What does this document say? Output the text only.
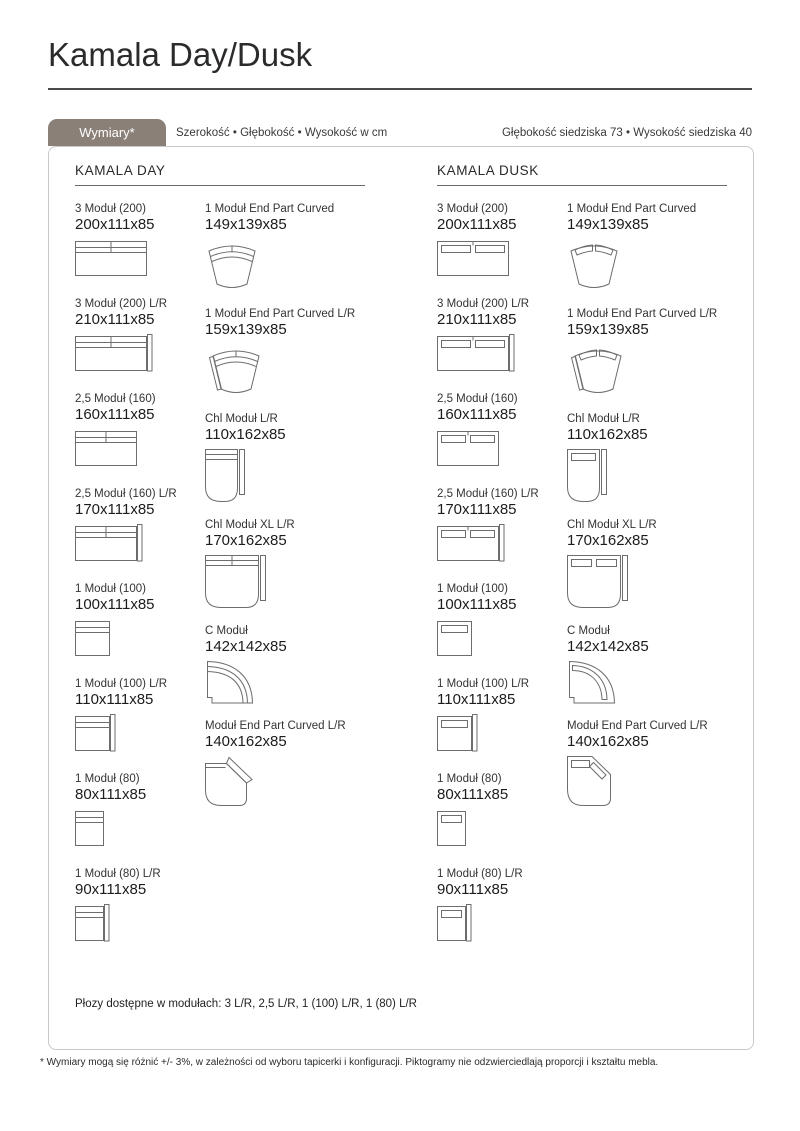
Kamala Day/Dusk
Wymiary*	Szerokość • Głębokość • Wysokość w cm	Głębokość siedziska 73 • Wysokość siedziska 40
Płozy dostępne w modułach: 3 L/R, 2,5 L/R, 1 (100) L/R, 1 (80) L/R
KAMALA DAY
3 Moduł (200)
200x111x85
3 Moduł (200) L/R
210x111x85
2,5 Moduł (160)
160x111x85
2,5 Moduł (160) L/R
170x111x85
1 Moduł (100)
100x111x85
1 Moduł (100) L/R
110x111x85
1 Moduł (80)
80x111x85
1 Moduł (80) L/R
90x111x85
1 Moduł End Part Curved
149x139x85
1 Moduł End Part Curved L/R
159x139x85
Chl Moduł L/R
110x162x85
Chl Moduł XL L/R
170x162x85
C Moduł
142x142x85
Moduł End Part Curved L/R
140x162x85
KAMALA DUSK
3 Moduł (200)
200x111x85
3 Moduł (200) L/R
210x111x85
2,5 Moduł (160)
160x111x85
2,5 Moduł (160) L/R
170x111x85
1 Moduł (100)
100x111x85
1 Moduł (100) L/R
110x111x85
1 Moduł (80)
80x111x85
1 Moduł (80) L/R
90x111x85
1 Moduł End Part Curved
149x139x85
1 Moduł End Part Curved L/R
159x139x85
Chl Moduł L/R
110x162x85
Chl Moduł XL L/R
170x162x85
C Moduł
142x142x85
Moduł End Part Curved L/R
140x162x85
* Wymiary mogą się różnić +/- 3%, w zależności od wyboru tapicerki i konfiguracji. Piktogramy nie odzwierciedlają proporcji i kształtu mebla.
